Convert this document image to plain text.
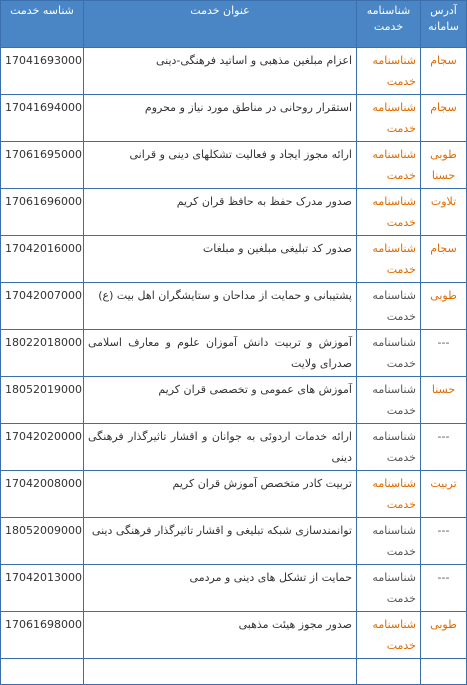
آدرس سامانه	شناسنامه خدمت	عنوان خدمت	شناسه خدمت
سجام	شناسنامه خدمت	اعزام مبلغین مذهبی و اساتید فرهنگی-دینی	17041693000
سجام	شناسنامه خدمت	استقرار روحانی در مناطق مورد نیاز و محروم	17041694000
طوبی حسنا	شناسنامه خدمت	ارائه مجوز ایجاد و فعالیت تشکلهای دینی و قرانی	17061695000
تلاوت	شناسنامه خدمت	صدور مدرک حفظ به حافظ قران کریم	17061696000
سجام	شناسنامه خدمت	صدور کد تبلیغی مبلغین و مبلغات	17042016000
طوبی	شناسنامه خدمت	پشتیبانی و حمایت از مداحان و ستایشگران اهل بیت (ع)	17042007000
---	شناسنامه خدمت	آموزش و تربیت دانش آموزان علوم و معارف اسلامی صدرای ولایت	18022018000
حسنا	شناسنامه خدمت	آموزش های عمومی و تخصصی قران کریم	18052019000
---	شناسنامه خدمت	ارائه خدمات اردوئی به جوانان و اقشار تاثیرگذار فرهنگی دینی	17042020000
تربیت	شناسنامه خدمت	تربیت کادر متخصص آموزش قران کریم	17042008000
---	شناسنامه خدمت	توانمندسازی شبکه تبلیغی و اقشار تاثیرگذار فرهنگی دینی	18052009000
---	شناسنامه خدمت	حمایت از تشکل های دینی و مردمی	17042013000
طوبی	شناسنامه خدمت	صدور مجوز هیئت مذهبی	17061698000
